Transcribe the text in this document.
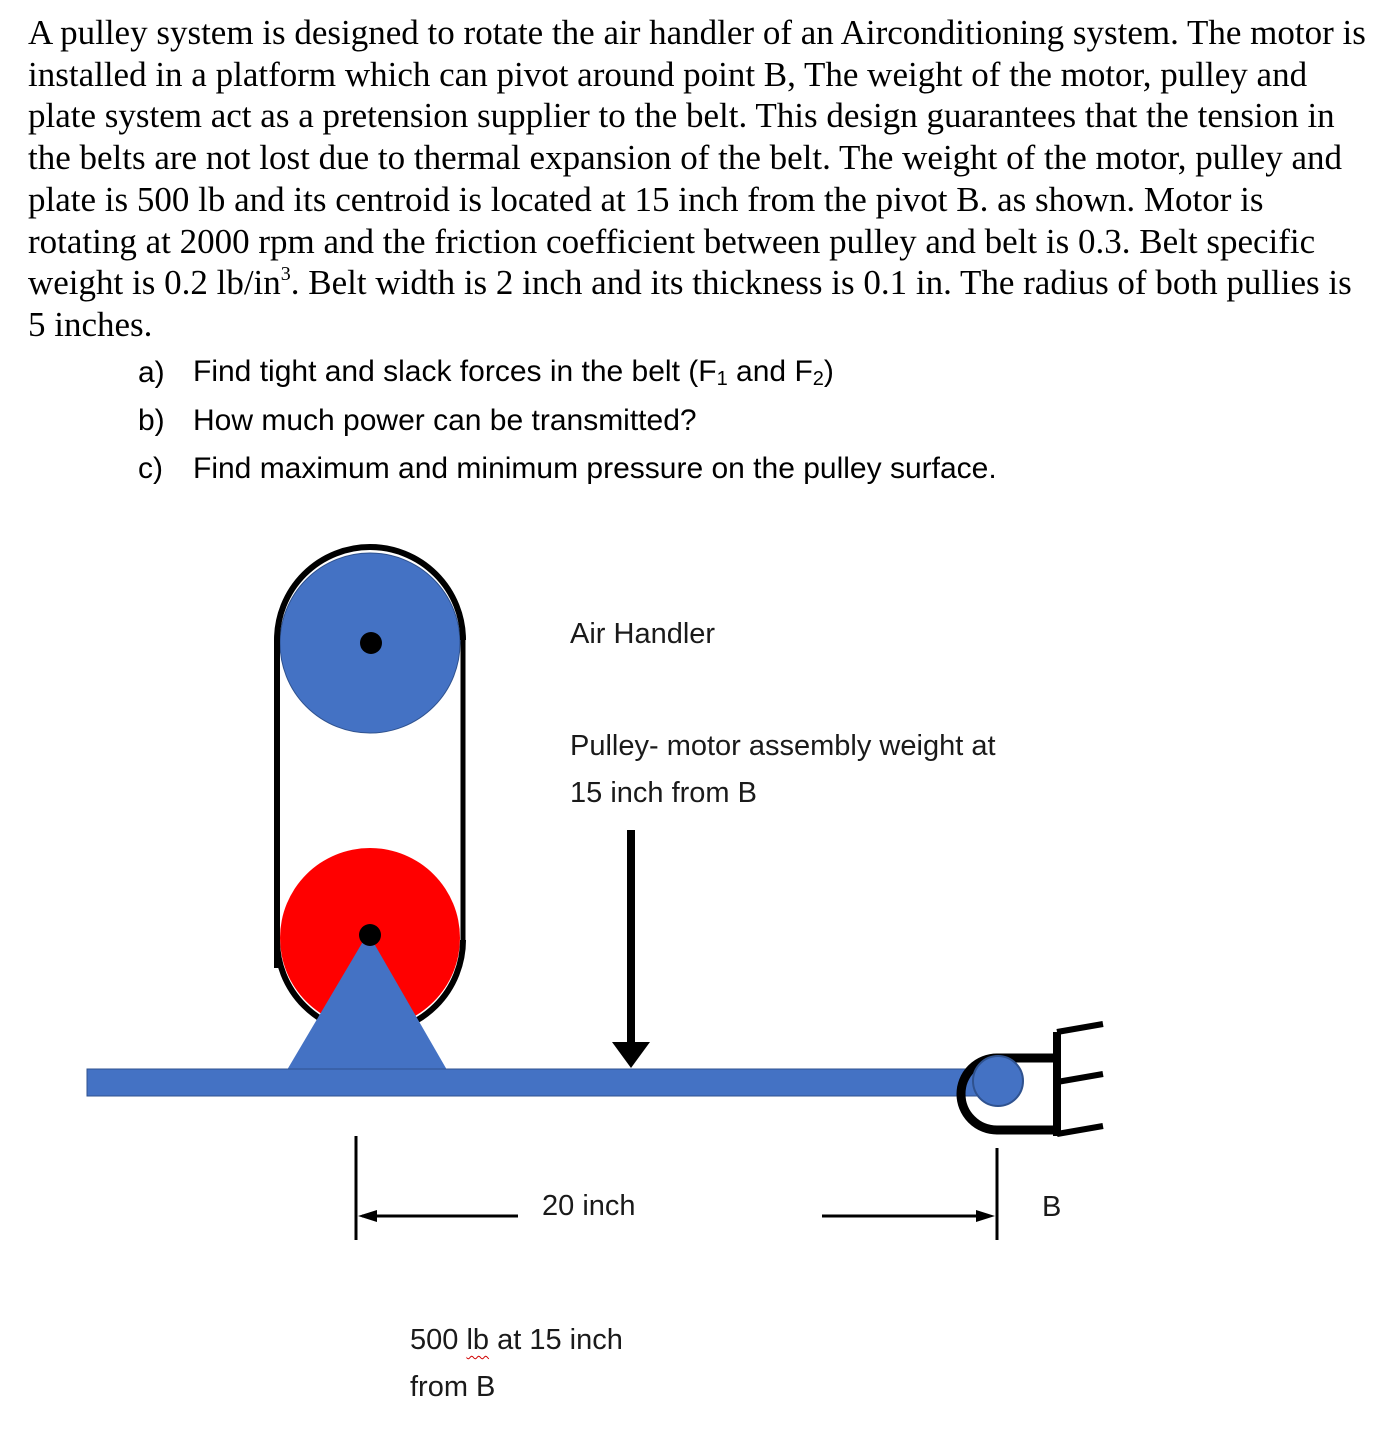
A pulley system is designed to rotate the air handler of an Airconditioning system. The motor is installed in a platform which can pivot around point B, The weight of the motor, pulley and plate system act as a pretension supplier to the belt. This design guarantees that the tension in the belts are not lost due to thermal expansion of the belt. The weight of the motor, pulley and plate is 500 lb and its centroid is located at 15 inch from the pivot B. as shown. Motor is rotating at 2000 rpm and the friction coefficient between pulley and belt is 0.3. Belt specific weight is 0.2 $lb/in^3$. Belt width is 2 inch and its thickness is 0.1 in. The radius of both pullies is 5 inches.

a) Find tight and slack forces in the belt ($F_1$ and $F_2$)
b) How much power can be transmitted?
c)	Find maximum and minimum pressure on the pulley surface.
Air Handler
Pulley- motor assembly weight at
15 inch from B
20 inch	B
500 lb at 15 inch
from B
